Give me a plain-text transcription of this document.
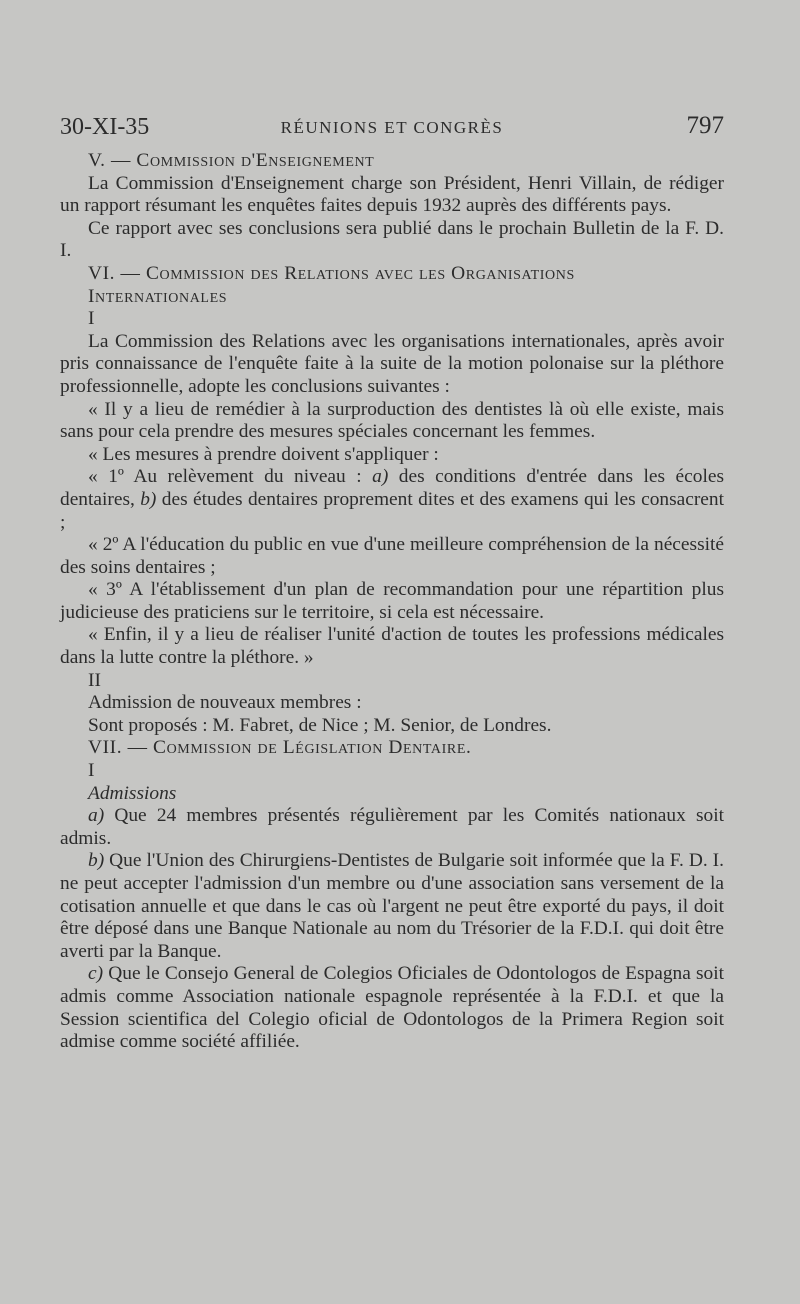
30-XI-35	RÉUNIONS ET CONGRÈS	797

V. — Commission d'Enseignement

La Commission d'Enseignement charge son Président, Henri Villain, de rédiger un rapport résumant les enquêtes faites depuis 1932 auprès des différents pays.

Ce rapport avec ses conclusions sera publié dans le prochain Bulletin de la F. D. I.

VI. — Commission des Relations avec les Organisations

Internationales

I

La Commission des Relations avec les organisations internationales, après avoir pris connaissance de l'enquête faite à la suite de la motion polonaise sur la pléthore professionnelle, adopte les conclusions suivantes :

« Il y a lieu de remédier à la surproduction des dentistes là où elle existe, mais sans pour cela prendre des mesures spéciales concernant les femmes.

« Les mesures à prendre doivent s'appliquer :

« 1º Au relèvement du niveau : a) des conditions d'entrée dans les écoles dentaires, b) des études dentaires proprement dites et des examens qui les consacrent ;

« 2º A l'éducation du public en vue d'une meilleure compréhension de la nécessité des soins dentaires ;

« 3º A l'établissement d'un plan de recommandation pour une répartition plus judicieuse des praticiens sur le territoire, si cela est nécessaire.

« Enfin, il y a lieu de réaliser l'unité d'action de toutes les professions médicales dans la lutte contre la pléthore. »

II

Admission de nouveaux membres :

Sont proposés : M. Fabret, de Nice ; M. Senior, de Londres.

VII. — Commission de Législation Dentaire.

I

Admissions

a) Que 24 membres présentés régulièrement par les Comités nationaux soit admis.

b) Que l'Union des Chirurgiens-Dentistes de Bulgarie soit informée que la F. D. I. ne peut accepter l'admission d'un membre ou d'une association sans versement de la cotisation annuelle et que dans le cas où l'argent ne peut être exporté du pays, il doit être déposé dans une Banque Nationale au nom du Trésorier de la F.D.I. qui doit être averti par la Banque.

c) Que le Consejo General de Colegios Oficiales de Odontologos de Espagna soit admis comme Association nationale espagnole représentée à la F.D.I. et que la Session scientifica del Colegio oficial de Odontologos de la Primera Region soit admise comme société affiliée.
